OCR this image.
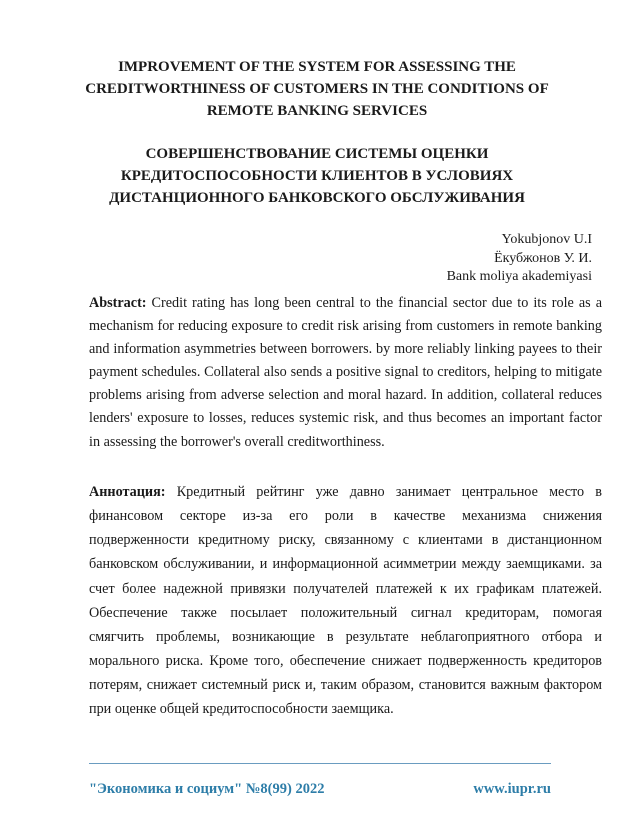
IMPROVEMENT OF THE SYSTEM FOR ASSESSING THE
CREDITWORTHINESS OF CUSTOMERS IN THE CONDITIONS OF
REMOTE BANKING SERVICES
СОВЕРШЕНСТВОВАНИЕ СИСТЕМЫ ОЦЕНКИ
КРЕДИТОСПОСОБНОСТИ КЛИЕНТОВ В УСЛОВИЯХ
ДИСТАНЦИОННОГО БАНКОВСКОГО ОБСЛУЖИВАНИЯ
Yokubjonov U.I
Ёкубжонов У. И.
Bank moliya akademiyasi

Abstract: Credit rating has long been central to the financial sector due to its role as a
mechanism for reducing exposure to credit risk arising from customers in remote banking
and information asymmetries between borrowers. by more reliably linking payees to their
payment schedules. Collateral also sends a positive signal to creditors, helping to mitigate
problems arising from adverse selection and moral hazard. In addition, collateral reduces
lenders' exposure to losses, reduces systemic risk, and thus becomes an important factor
in assessing the borrower's overall creditworthiness.

Аннотация: Кредитный рейтинг уже давно занимает центральное место в
финансовом секторе из-за его роли в качестве механизма снижения
подверженности кредитному риску, связанному с клиентами в дистанционном
банковском обслуживании, и информационной асимметрии между заемщиками. за
счет более надежной привязки получателей платежей к их графикам платежей.
Обеспечение также посылает положительный сигнал кредиторам, помогая
смягчить проблемы, возникающие в результате неблагоприятного отбора и
морального риска. Кроме того, обеспечение снижает подверженность кредиторов
потерям, снижает системный риск и, таким образом, становится важным фактором
при оценке общей кредитоспособности заемщика.

"Экономика и социум" №8(99) 2022	www.iupr.ru
